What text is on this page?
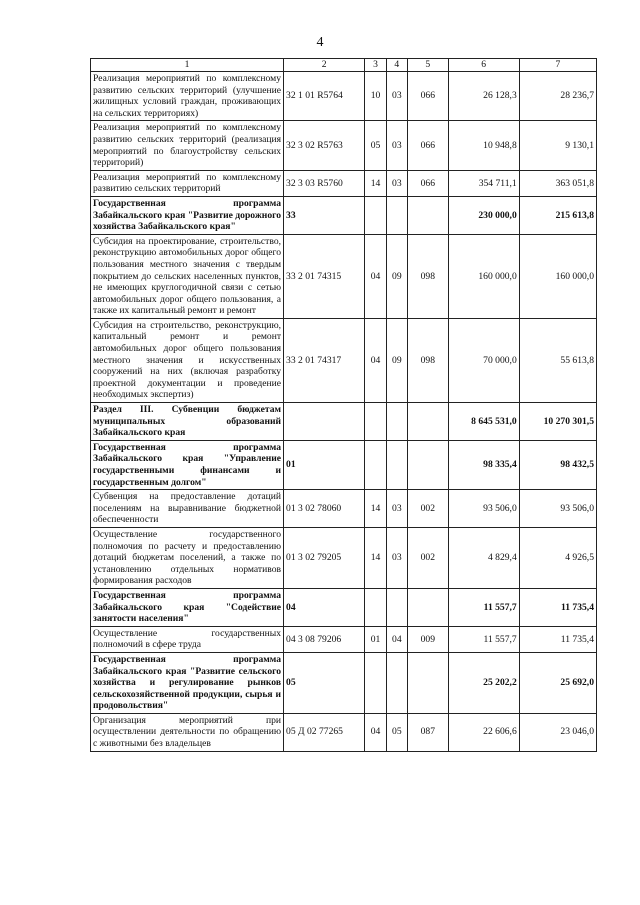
4
1	2	3	4	5	6	7
Реализация мероприятий по комплексному развитию сельских территорий (улучшение жилищных условий граждан, проживающих на сельских территориях)	32 1 01 R5764	10	03	066	26 128,3	28 236,7
Реализация мероприятий по комплексному развитию сельских территорий (реализация мероприятий по благоустройству сельских территорий)	32 3 02 R5763	05	03	066	10 948,8	9 130,1
Реализация мероприятий по комплексному развитию сельских территорий	32 3 03 R5760	14	03	066	354 711,1	363 051,8
Государственная программа Забайкальского края "Развитие дорожного хозяйства Забайкальского края"	33				230 000,0	215 613,8
Субсидия на проектирование, строительство, реконструкцию автомобильных дорог общего пользования местного значения с твердым покрытием до сельских населенных пунктов, не имеющих круглогодичной связи с сетью автомобильных дорог общего пользования, а также их капитальный ремонт и ремонт	33 2 01 74315	04	09	098	160 000,0	160 000,0
Субсидия на строительство, реконструкцию, капитальный ремонт и ремонт автомобильных дорог общего пользования местного значения и искусственных сооружений на них (включая разработку проектной документации и проведение необходимых экспертиз)	33 2 01 74317	04	09	098	70 000,0	55 613,8
Раздел III. Субвенции бюджетам муниципальных образований Забайкальского края					8 645 531,0	10 270 301,5
Государственная программа Забайкальского края "Управление государственными финансами и государственным долгом"	01				98 335,4	98 432,5
Субвенция на предоставление дотаций поселениям на выравнивание бюджетной обеспеченности	01 3 02 78060	14	03	002	93 506,0	93 506,0
Осуществление государственного полномочия по расчету и предоставлению дотаций бюджетам поселений, а также по установлению отдельных нормативов формирования расходов	01 3 02 79205	14	03	002	4 829,4	4 926,5
Государственная программа Забайкальского края "Содействие занятости населения"	04				11 557,7	11 735,4
Осуществление государственных полномочий в сфере труда	04 3 08 79206	01	04	009	11 557,7	11 735,4
Государственная программа Забайкальского края "Развитие сельского хозяйства и регулирование рынков сельскохозяйственной продукции, сырья и продовольствия"	05				25 202,2	25 692,0
Организация мероприятий при осуществлении деятельности по обращению с животными без владельцев	05 Д 02 77265	04	05	087	22 606,6	23 046,0
